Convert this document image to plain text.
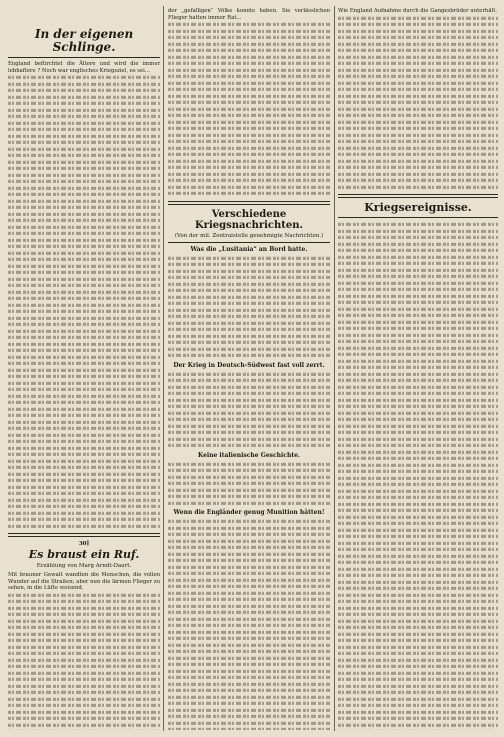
In der eigenen Schlinge.

England befürchtet die Ältere und wird die immer lebhaftere ? Noch war englisches Kriegsziel, es sei...

30]
Es braust ein Ruf.
Erzählung von Marg Arndt-Daurt.

Mit brauner Gewalt wandten die Menschen, die vollen Wunder auf die Straßen; aber nun die lärmen Flieger zu sehen, in die Lüfte weisend.

der „gefalligen“ Völke konnte haben. Sie verlässlichen Flieger hatten immer Rat...

Verschiedene Kriegsnachrichten.
(Von der mil. Zentralstelle genehmigte Nachrichten.)
Was die „Lusitania“ an Bord hatte.
Der Krieg in Deutsch-Südwest fast voll zerrt.
Keine italienische Geschichte.
Wenn die Engländer genug Munition hätten!

Wie England Aufnahme durch die Gangesbrüder unterhält.

Kriegsereignisse.
